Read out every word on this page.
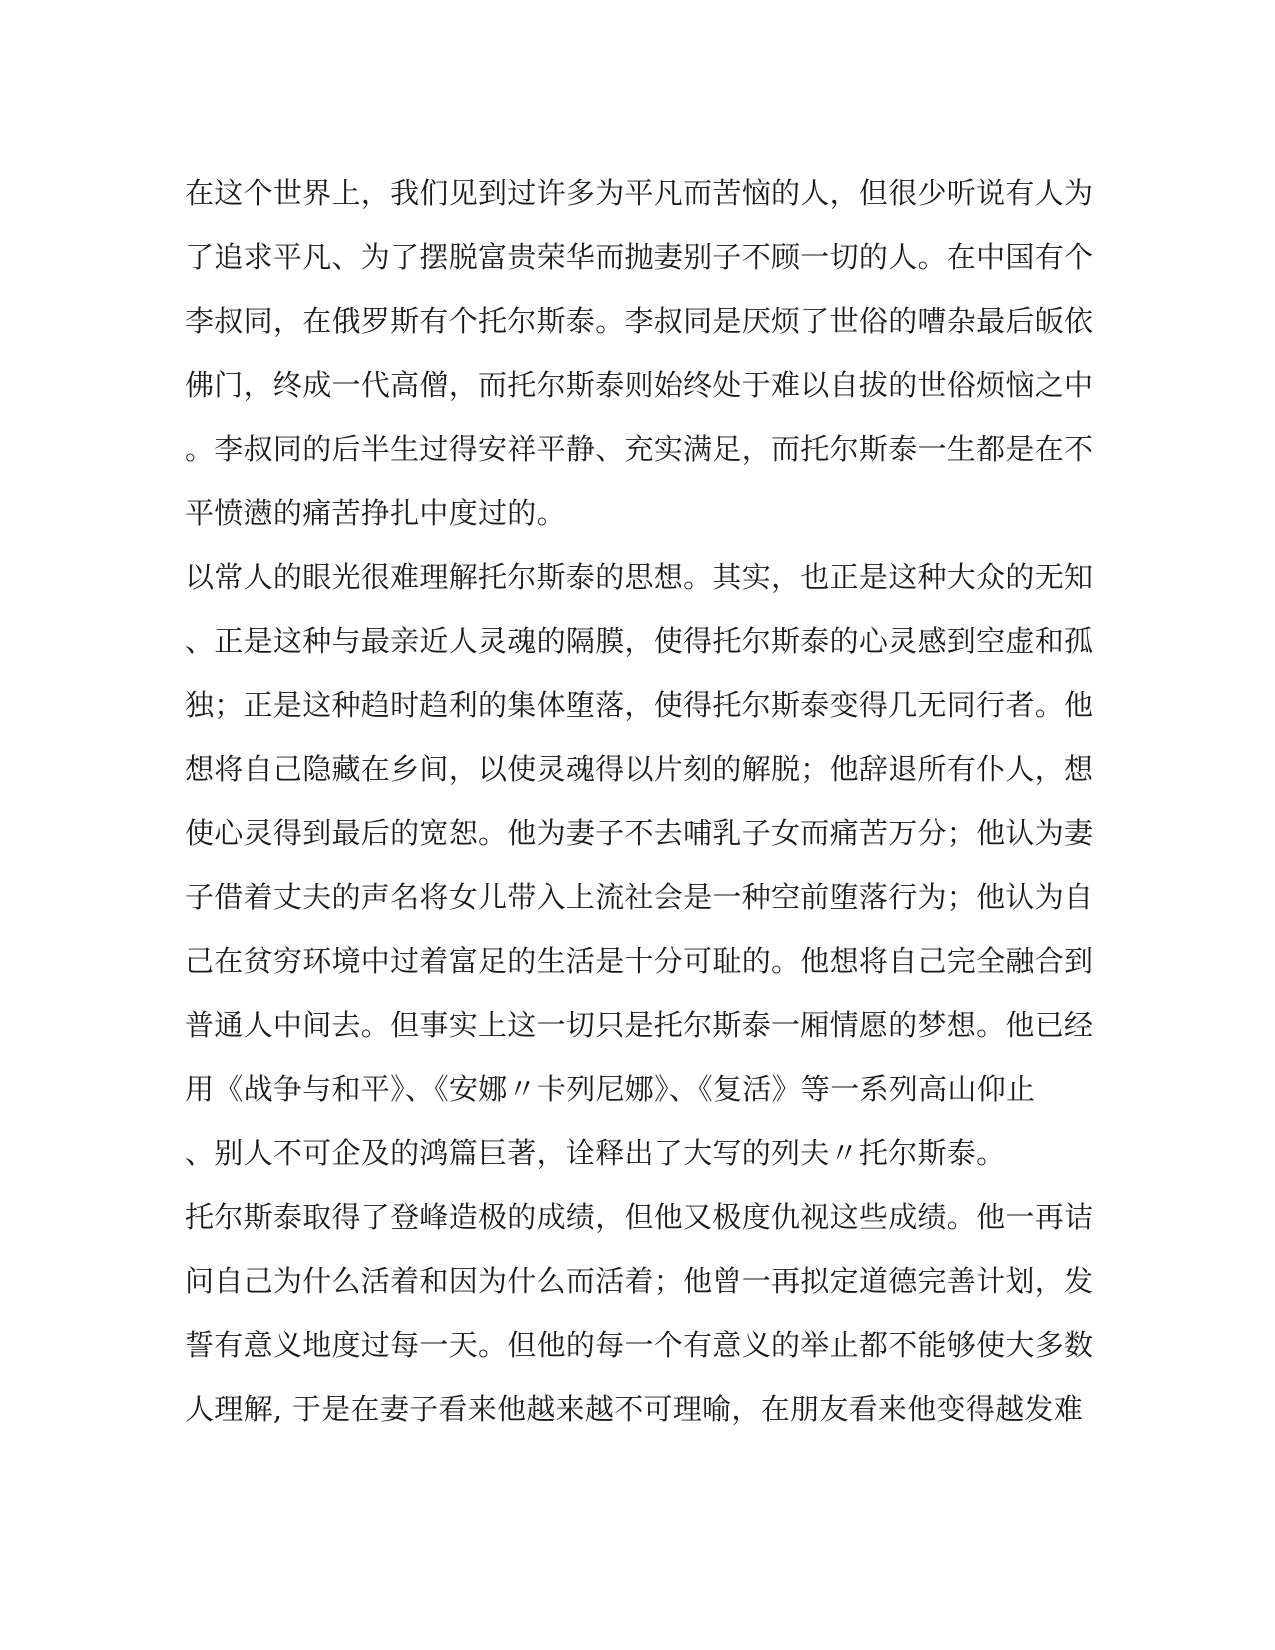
在这个世界上，我们见到过许多为平凡而苦恼的人，但很少听说有人为
了追求平凡、为了摆脱富贵荣华而抛妻别子不顾一切的人。在中国有个
李叔同，在俄罗斯有个托尔斯泰。李叔同是厌烦了世俗的嘈杂最后皈依
佛门，终成一代高僧，而托尔斯泰则始终处于难以自拔的世俗烦恼之中
。李叔同的后半生过得安祥平静、充实满足，而托尔斯泰一生都是在不
平愤懑的痛苦挣扎中度过的。
以常人的眼光很难理解托尔斯泰的思想。其实，也正是这种大众的无知
、正是这种与最亲近人灵魂的隔膜，使得托尔斯泰的心灵感到空虚和孤
独；正是这种趋时趋利的集体堕落，使得托尔斯泰变得几无同行者。他
想将自己隐藏在乡间，以使灵魂得以片刻的解脱；他辞退所有仆人，想
使心灵得到最后的宽恕。他为妻子不去哺乳子女而痛苦万分；他认为妻
子借着丈夫的声名将女儿带入上流社会是一种空前堕落行为；他认为自
己在贫穷环境中过着富足的生活是十分可耻的。他想将自己完全融合到
普通人中间去。但事实上这一切只是托尔斯泰一厢情愿的梦想。他已经
用《战争与和平》、《安娜〃卡列尼娜》、《复活》等一系列高山仰止
、别人不可企及的鸿篇巨著，诠释出了大写的列夫〃托尔斯泰。
托尔斯泰取得了登峰造极的成绩，但他又极度仇视这些成绩。他一再诘
问自己为什么活着和因为什么而活着；他曾一再拟定道德完善计划，发
誓有意义地度过每一天。但他的每一个有意义的举止都不能够使大多数
人理解, 于是在妻子看来他越来越不可理喻，在朋友看来他变得越发难
